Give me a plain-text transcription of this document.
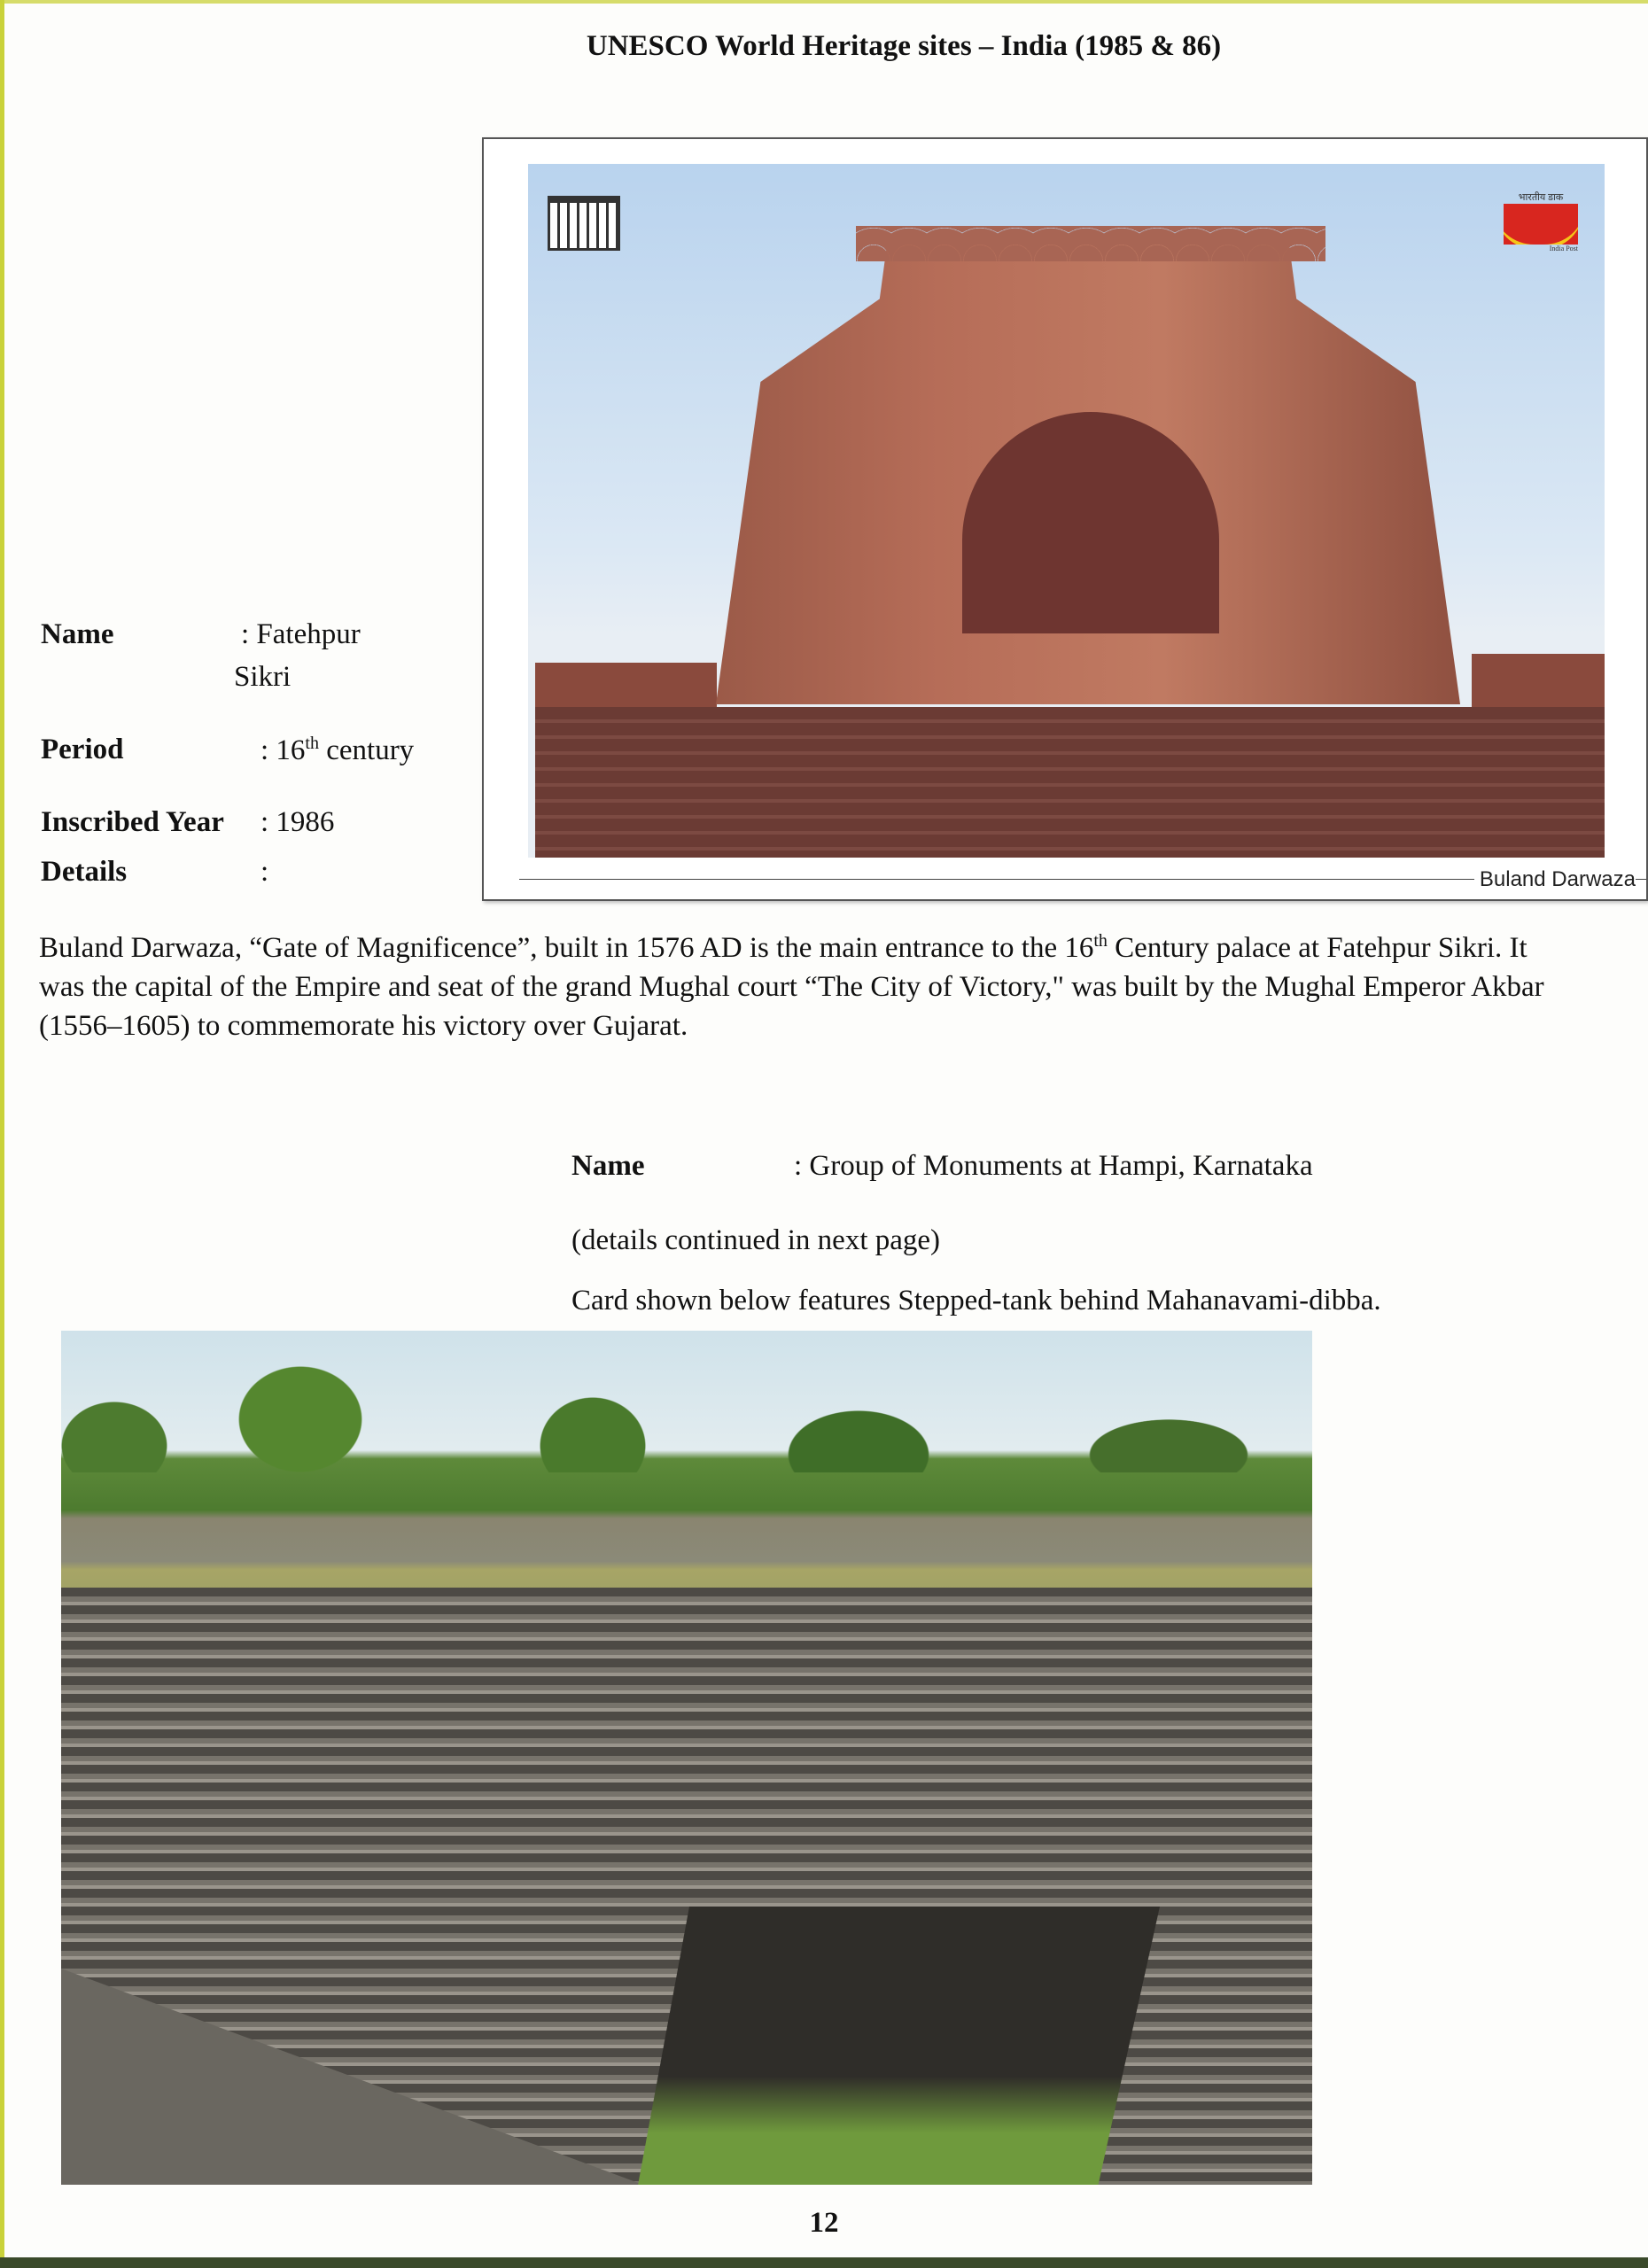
UNESCO World Heritage sites – India (1985 & 86)
भारतीय डाक
India Post
Buland Darwaza
Name	: Fatehpur
Sikri
Period	: 16th century
Inscribed Year : 1986
Details	:
Buland Darwaza, “Gate of Magnificence”, built in 1576 AD is the main entrance to the 16th Century palace at Fatehpur Sikri. It was the capital of the Empire and seat of the grand Mughal court “The City of Victory," was built by the Mughal Emperor Akbar (1556–1605) to commemorate his victory over Gujarat.
Name	: Group of Monuments at Hampi, Karnataka
(details continued in next page)
Card shown below features Stepped-tank behind Mahanavami-dibba.
12
